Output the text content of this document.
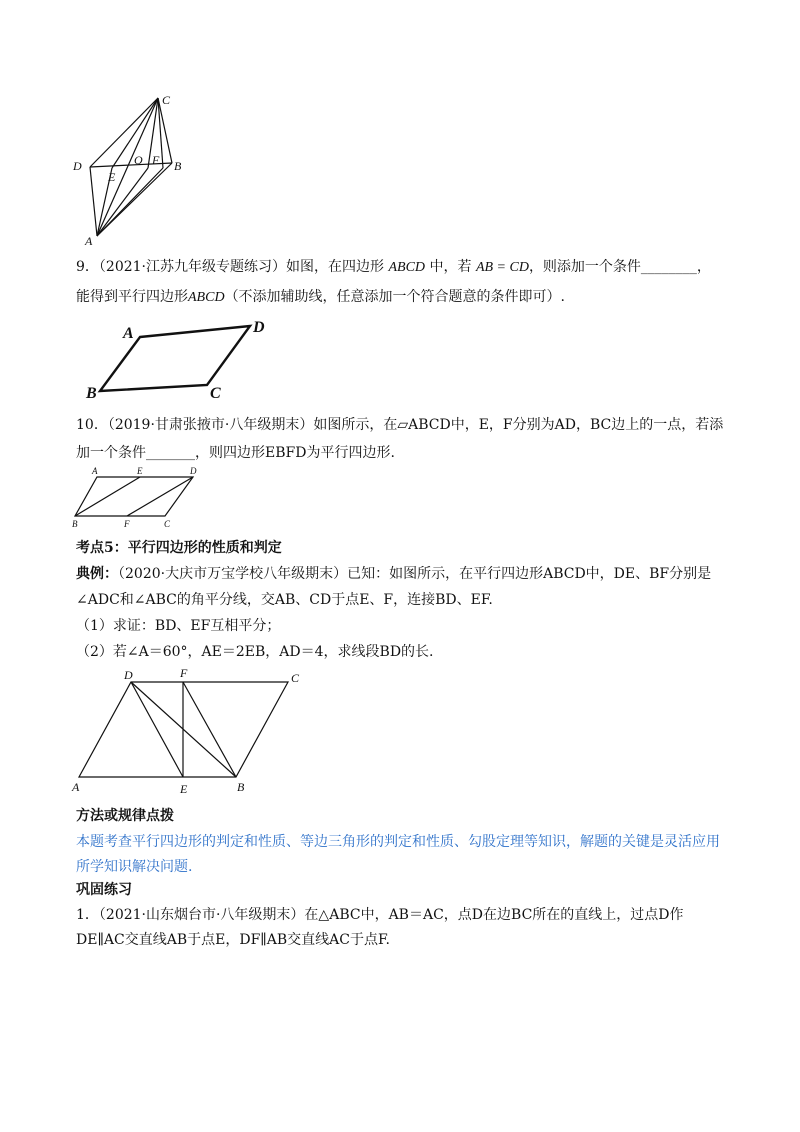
C
D
E
O F B
A
9．（2021·江苏九年级专题练习）如图，在四边形 ABCD 中，若 AB = CD，则添加一个条件________，
能得到平行四边形ABCD（不添加辅助线，任意添加一个符合题意的条件即可）.
A	D
B	C
10．（2019·甘肃张掖市·八年级期末）如图所示，在▱ABCD中，E，F分别为AD，BC边上的一点，若添
加一个条件_______，则四边形EBFD为平行四边形.
A	E	D
B	F	C
考点5：平行四边形的性质和判定
典例：（2020·大庆市万宝学校八年级期末）已知：如图所示，在平行四边形ABCD中，DE、BF分别是
∠ADC和∠ABC的角平分线，交AB、CD于点E、F，连接BD、EF.
（1）求证：BD、EF互相平分；
（2）若∠A＝60°，AE＝2EB，AD＝4，求线段BD的长.
D	F	C
A	E	B
方法或规律点拨
本题考查平行四边形的判定和性质、等边三角形的判定和性质、勾股定理等知识，解题的关键是灵活应用
所学知识解决问题.
巩固练习
1．（2021·山东烟台市·八年级期末）在△ABC中，AB＝AC，点D在边BC所在的直线上，过点D作
DE∥AC交直线AB于点E，DF∥AB交直线AC于点F.
